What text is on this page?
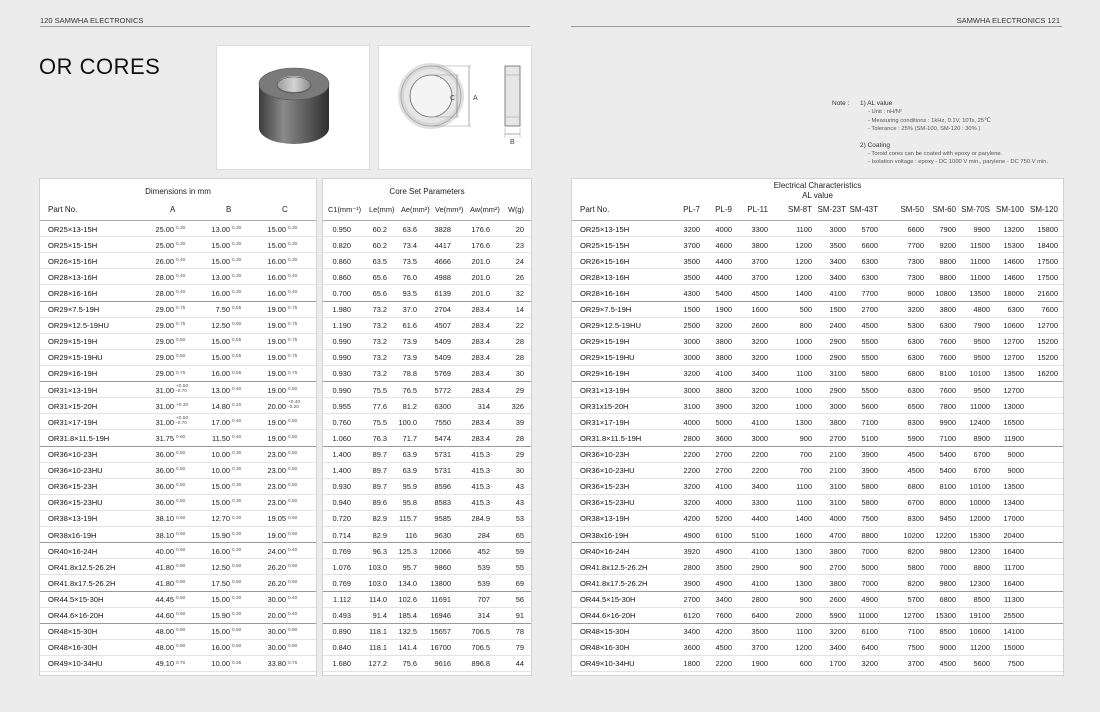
120 SAMWHA ELECTRONICS	SAMWHA ELECTRONICS 121
OR CORES
A
C
B
Note : 1) AL value
- Unit : nH/N²
- Measuring conditions : 1kHz, 0.1V, 10Ts, 25℃
- Tolerance : 25% (SM-100, SM-120 : 30% )
2) Coating
- Toroid cores can be coated with epoxy or parylene.
- Isolation voltage : epoxy - DC 1000 V min., parylene - DC 750 V min.
Dimensions in mm
Part No.	A	B	C
OR25×13-15H	25.00 0.30	13.00 0.30	15.00 0.30
OR25×15-15H	25.00 0.30	15.00 0.30	15.00 0.30
OR26×15-16H	26.00 0.40	15.00 0.30	16.00 0.30
OR28×13-16H	28.00 0.40	13.00 0.30	16.00 0.40
OR28×16-16H	28.00 0.40	16.00 0.30	16.00 0.40
OR29×7.5-19H	29.00 0.75	7.50 0.55	19.00 0.75
OR29×12.5-19HU	29.00 0.75	12.50 0.60	19.00 0.75
OR29×15-19H	29.00 0.50	15.00 0.55	19.00 0.75
OR29×15-19HU	29.00 0.50	15.00 0.55	19.00 0.75
OR29×16-19H	29.00 0.75	16.00 0.55	19.00 0.75
OR31×13-19H	31.00 +0.50 -0.70	13.00 0.40	19.00 0.50
OR31×15-20H	31.00 +0.30	14.80 0.20	20.00 +0.40 -0.20
OR31×17-19H	31.00 +0.50 -0.70	17.00 0.40	19.00 0.50
OR31.8×11.5-19H	31.75 0.60	11.50 0.40	19.00 0.50
OR36×10-23H	36.00 0.50	10.00 0.30	23.00 0.50
OR36×10-23HU	36.00 0.50	10.00 0.30	23.00 0.50
OR36×15-23H	36.00 0.50	15.00 0.30	23.00 0.50
OR36×15-23HU	36.00 0.50	15.00 0.30	23.00 0.50
OR38×13-19H	38.10 0.60	12.70 0.30	19.05 0.60
OR38x16-19H	38.10 0.60	15.90 0.30	19.00 0.60
OR40×16-24H	40.00 0.60	16.00 0.30	24.00 0.40
OR41.8x12.5-26.2H	41.80 0.80	12.50 0.50	26.20 0.60
OR41.8x17.5-26.2H	41.80 0.80	17.50 0.50	26.20 0.60
OR44.5×15-30H	44.45 0.50	15.00 0.30	30.00 0.40
OR44.6×16-20H	44.60 0.60	15.90 0.30	20.00 0.40
OR48×15-30H	48.00 0.80	15.00 0.50	30.00 0.80
OR48×16-30H	48.00 0.80	16.00 0.50	30.00 0.80
OR49×10-34HU	49.10 0.70	10.00 0.35	33.80 0.75
Core Set Parameters
C1(mm⁻¹) Le(mm) Ae(mm²) Ve(mm³) Aw(mm²) W(g)
0.950	60.2	63.6	3828	176.6	20
0.820	60.2	73.4	4417	176.6	23
0.860	63.5	73.5	4666	201.0	24
0.860	65.6	76.0	4988	201.0	26
0.700	65.6	93.5	6139	201.0	32
1.980	73.2	37.0	2704	283.4	14
1.190	73.2	61.6	4507	283.4	22
0.990	73.2	73.9	5409	283.4	28
0.990	73.2	73.9	5409	283.4	28
0.930	73.2	78.8	5769	283.4	30
0.990	75.5	76.5	5772	283.4	29
0.955	77.6	81.2	6300	314	326
0.760	75.5	100.0	7550	283.4	39
1.060	76.3	71.7	5474	283.4	28
1.400	89.7	63.9	5731	415.3	29
1.400	89.7	63.9	5731	415.3	30
0.930	89.7	95.9	8596	415.3	43
0.940	89.6	95.8	8583	415.3	43
0.720	82.9	115.7	9585	284.9	53
0.714	82.9	116	9630	284	65
0.769	96.3	125.3	12066	452	59
1.076	103.0	95.7	9860	539	55
0.769	103.0	134.0	13800	539	69
1.112	114.0	102.6	11691	707	56
0.493	91.4	185.4	16946	314	91
0.890	118.1	132.5	15657	706.5	78
0.840	118.1	141.4	16700	706.5	79
1.680	127.2	75.6	9616	896.8	44
Electrical Characteristics
AL value
Part No.	PL-7	PL-9	PL-11	SM-8T SM-23T SM-43T	SM-50	SM-60 SM-70S SM-100 SM-120
OR25×13-15H	3200	4000	3300	1100	3000	5700	6600	7900	9900	13200	15800
OR25×15-15H	3700	4600	3800	1200	3500	6600	7700	9200	11500	15300	18400
OR26×15-16H	3500	4400	3700	1200	3400	6300	7300	8800	11000	14600	17500
OR28×13-16H	3500	4400	3700	1200	3400	6300	7300	8800	11000	14600	17500
OR28×16-16H	4300	5400	4500	1400	4100	7700	9000	10800	13500	18000	21600
OR29×7.5-19H	1500	1900	1600	500	1500	2700	3200	3800	4800	6300	7600
OR29×12.5-19HU	2500	3200	2600	800	2400	4500	5300	6300	7900	10600	12700
OR29×15-19H	3000	3800	3200	1000	2900	5500	6300	7600	9500	12700	15200
OR29×15-19HU	3000	3800	3200	1000	2900	5500	6300	7600	9500	12700	15200
OR29×16-19H	3200	4100	3400	1100	3100	5800	6800	8100	10100	13500	16200
OR31×13-19H	3000	3800	3200	1000	2900	5500	6300	7600	9500	12700
OR31x15-20H	3100	3900	3200	1000	3000	5600	6500	7800	11000	13000
OR31×17-19H	4000	5000	4100	1300	3800	7100	8300	9900	12400	16500
OR31.8×11.5-19H	2800	3600	3000	900	2700	5100	5900	7100	8900	11900
OR36×10-23H	2200	2700	2200	700	2100	3900	4500	5400	6700	9000
OR36×10-23HU	2200	2700	2200	700	2100	3900	4500	5400	6700	9000
OR36×15-23H	3200	4100	3400	1100	3100	5800	6800	8100	10100	13500
OR36×15-23HU	3200	4000	3300	1100	3100	5800	6700	8000	10000	13400
OR38×13-19H	4200	5200	4400	1400	4000	7500	8300	9450	12000	17000
OR38x16-19H	4900	6100	5100	1600	4700	8800	10200	12200	15300	20400
OR40×16-24H	3920	4900	4100	1300	3800	7000	8200	9800	12300	16400
OR41.8x12.5-26.2H	2800	3500	2900	900	2700	5000	5800	7000	8800	11700
OR41.8x17.5-26.2H	3900	4900	4100	1300	3800	7000	8200	9800	12300	16400
OR44.5×15-30H	2700	3400	2800	900	2600	4900	5700	6800	8500	11300
OR44.6×16-20H	6120	7600	6400	2000	5900	11000	12700	15300	19100	25500
OR48×15-30H	3400	4200	3500	1100	3200	6100	7100	8500	10600	14100
OR48×16-30H	3600	4500	3700	1200	3400	6400	7500	9000	11200	15000
OR49×10-34HU	1800	2200	1900	600	1700	3200	3700	4500	5600	7500
